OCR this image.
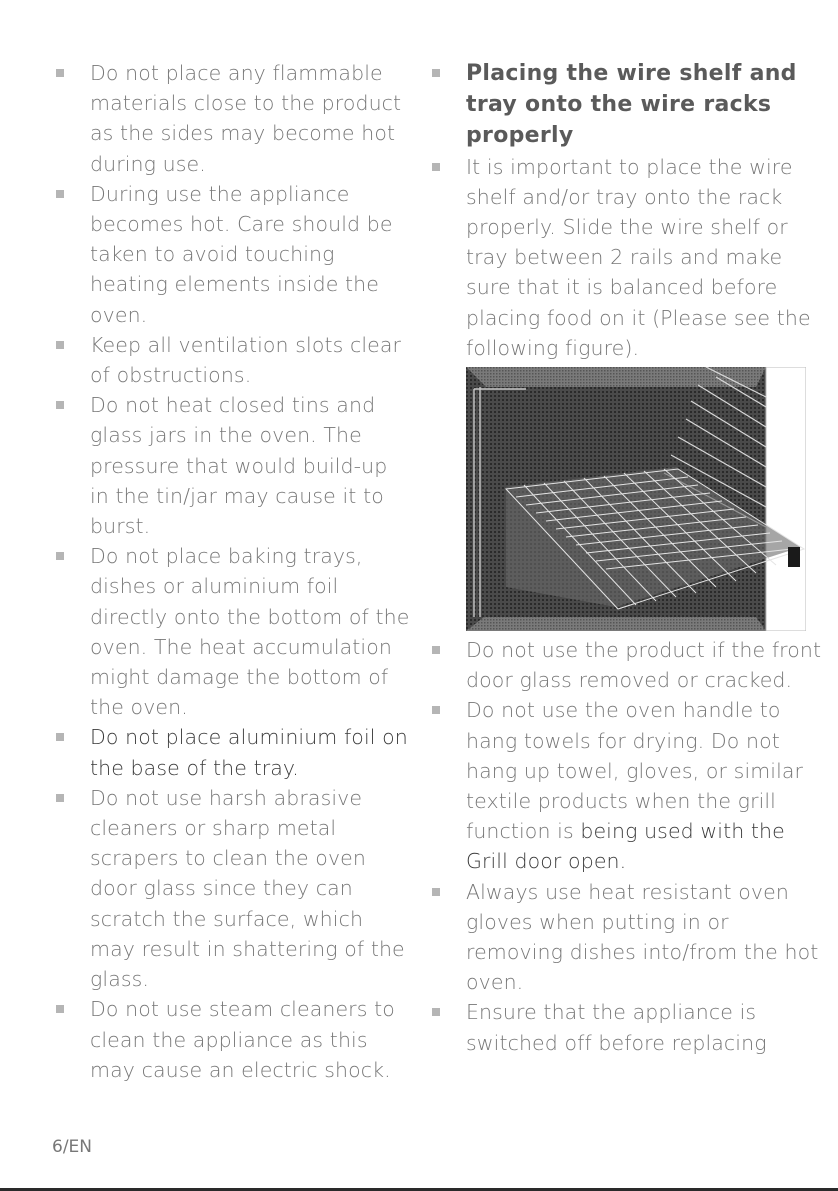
Do not place any flammable materials close to the product as the sides may become hot during use.
During use the appliance becomes hot. Care should be taken to avoid touching heating elements inside the oven.
Keep all ventilation slots clear of obstructions.
Do not heat closed tins and glass jars in the oven. The pressure that would build-up in the tin/jar may cause it to burst.
Do not place baking trays, dishes or aluminium foil directly onto the bottom of the oven. The heat accumulation might damage the bottom of the oven.
Do not place aluminium foil on the base of the tray.
Do not use harsh abrasive cleaners or sharp metal scrapers to clean the oven door glass since they can scratch the surface, which may result in shattering of the glass.
Do not use steam cleaners to clean the appliance as this may cause an electric shock.
Placing the wire shelf and tray onto the wire racks properly
It is important to place the wire shelf and/or tray onto the rack properly. Slide the wire shelf or tray between 2 rails and make sure that it is balanced before placing food on it (Please see the following figure).
Do not use the product if the front door glass removed or cracked.
Do not use the oven handle to hang towels for drying. Do not hang up towel, gloves, or similar textile products when the grill function is being used with the Grill door open.
Always use heat resistant oven gloves when putting in or removing dishes into/from the hot oven.
Ensure that the appliance is switched off before replacing
6/EN
